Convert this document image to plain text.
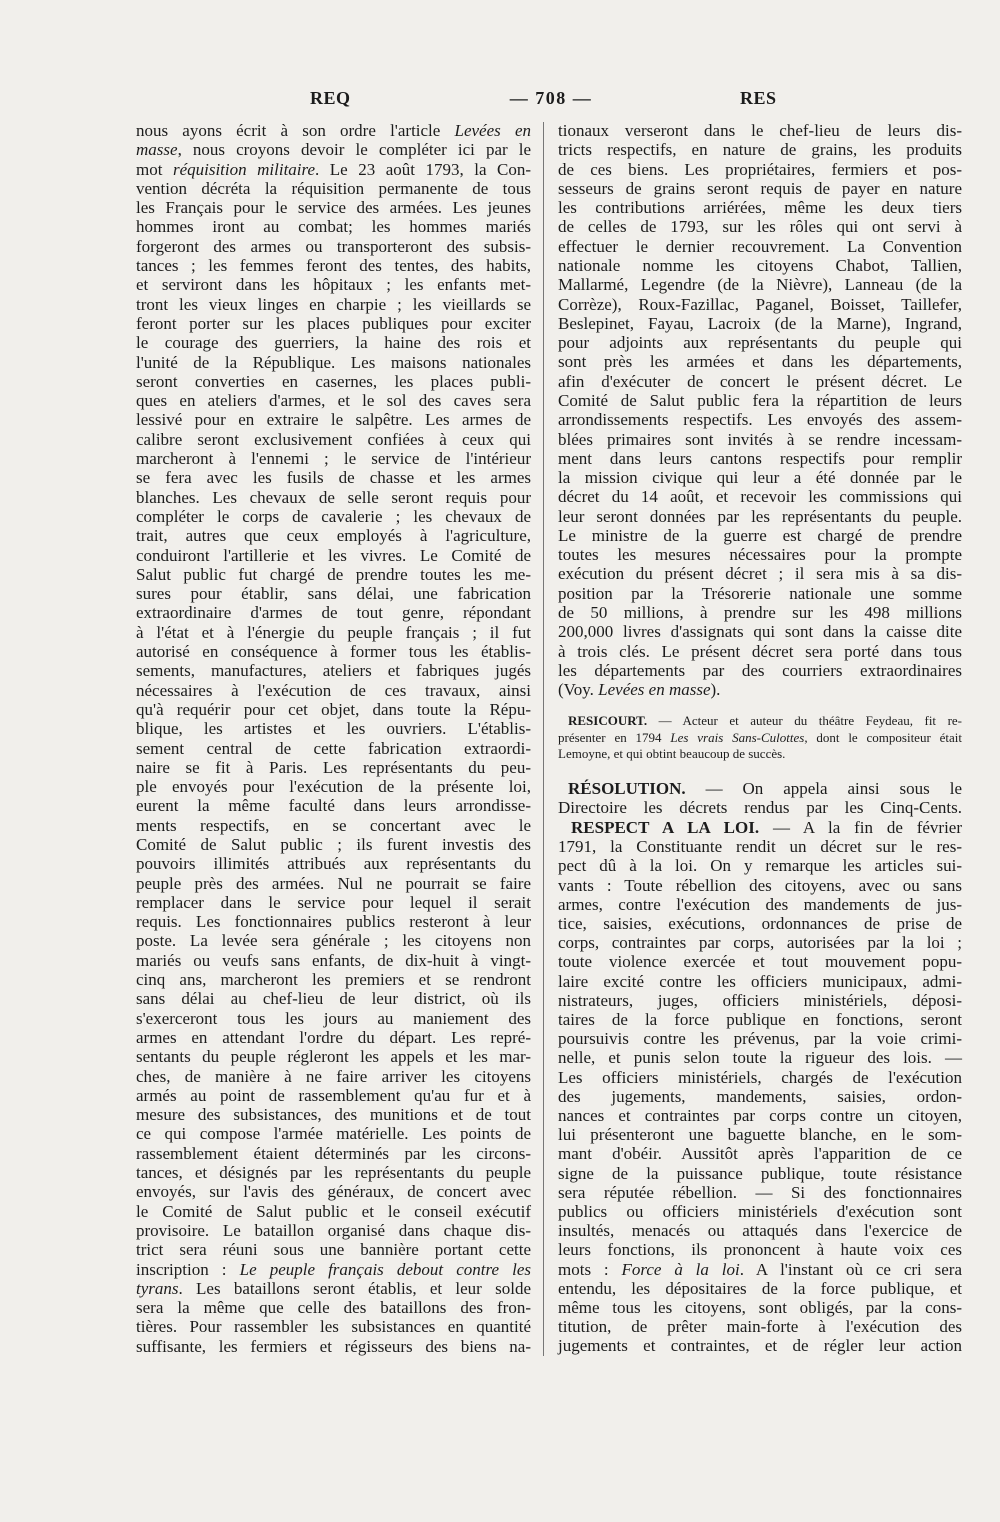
REQ	— 708 —	RES
nous ayons écrit à son ordre l'article Levées en
masse, nous croyons devoir le compléter ici par le
mot réquisition militaire. Le 23 août 1793, la Con-
vention décréta la réquisition permanente de tous
les Français pour le service des armées. Les jeunes
hommes iront au combat; les hommes mariés
forgeront des armes ou transporteront des subsis-
tances ; les femmes feront des tentes, des habits,
et serviront dans les hôpitaux ; les enfants met-
tront les vieux linges en charpie ; les vieillards se
feront porter sur les places publiques pour exciter
le courage des guerriers, la haine des rois et
l'unité de la République. Les maisons nationales
seront converties en casernes, les places publi-
ques en ateliers d'armes, et le sol des caves sera
lessivé pour en extraire le salpêtre. Les armes de
calibre seront exclusivement confiées à ceux qui
marcheront à l'ennemi ; le service de l'intérieur
se fera avec les fusils de chasse et les armes
blanches. Les chevaux de selle seront requis pour
compléter le corps de cavalerie ; les chevaux de
trait, autres que ceux employés à l'agriculture,
conduiront l'artillerie et les vivres. Le Comité de
Salut public fut chargé de prendre toutes les me-
sures pour établir, sans délai, une fabrication
extraordinaire d'armes de tout genre, répondant
à l'état et à l'énergie du peuple français ; il fut
autorisé en conséquence à former tous les établis-
sements, manufactures, ateliers et fabriques jugés
nécessaires à l'exécution de ces travaux, ainsi
qu'à requérir pour cet objet, dans toute la Répu-
blique, les artistes et les ouvriers. L'établis-
sement central de cette fabrication extraordi-
naire se fit à Paris. Les représentants du peu-
ple envoyés pour l'exécution de la présente loi,
eurent la même faculté dans leurs arrondisse-
ments respectifs, en se concertant avec le
Comité de Salut public ; ils furent investis des
pouvoirs illimités attribués aux représentants du
peuple près des armées. Nul ne pourrait se faire
remplacer dans le service pour lequel il serait
requis. Les fonctionnaires publics resteront à leur
poste. La levée sera générale ; les citoyens non
mariés ou veufs sans enfants, de dix-huit à vingt-
cinq ans, marcheront les premiers et se rendront
sans délai au chef-lieu de leur district, où ils
s'exerceront tous les jours au maniement des
armes en attendant l'ordre du départ. Les repré-
sentants du peuple régleront les appels et les mar-
ches, de manière à ne faire arriver les citoyens
armés au point de rassemblement qu'au fur et à
mesure des subsistances, des munitions et de tout
ce qui compose l'armée matérielle. Les points de
rassemblement étaient déterminés par les circons-
tances, et désignés par les représentants du peuple
envoyés, sur l'avis des généraux, de concert avec
le Comité de Salut public et le conseil exécutif
provisoire. Le bataillon organisé dans chaque dis-
trict sera réuni sous une bannière portant cette
inscription : Le peuple français debout contre les
tyrans. Les bataillons seront établis, et leur solde
sera la même que celle des bataillons des fron-
tières. Pour rassembler les subsistances en quantité
suffisante, les fermiers et régisseurs des biens na-
tionaux verseront dans le chef-lieu de leurs dis-
tricts respectifs, en nature de grains, les produits
de ces biens. Les propriétaires, fermiers et pos-
sesseurs de grains seront requis de payer en nature
les contributions arriérées, même les deux tiers
de celles de 1793, sur les rôles qui ont servi à
effectuer le dernier recouvrement. La Convention
nationale nomme les citoyens Chabot, Tallien,
Mallarmé, Legendre (de la Nièvre), Lanneau (de la
Corrèze), Roux-Fazillac, Paganel, Boisset, Taillefer,
Beslepinet, Fayau, Lacroix (de la Marne), Ingrand,
pour adjoints aux représentants du peuple qui
sont près les armées et dans les départements,
afin d'exécuter de concert le présent décret. Le
Comité de Salut public fera la répartition de leurs
arrondissements respectifs. Les envoyés des assem-
blées primaires sont invités à se rendre incessam-
ment dans leurs cantons respectifs pour remplir
la mission civique qui leur a été donnée par le
décret du 14 août, et recevoir les commissions qui
leur seront données par les représentants du peuple.
Le ministre de la guerre est chargé de prendre
toutes les mesures nécessaires pour la prompte
exécution du présent décret ; il sera mis à sa dis-
position par la Trésorerie nationale une somme
de 50 millions, à prendre sur les 498 millions
200,000 livres d'assignats qui sont dans la caisse dite
à trois clés. Le présent décret sera porté dans tous
les départements par des courriers extraordinaires
(Voy. Levées en masse).
RESICOURT. — Acteur et auteur du théâtre Feydeau, fit re-
présenter en 1794 Les vrais Sans-Culottes, dont le compositeur était
Lemoyne, et qui obtint beaucoup de succès.
RÉSOLUTION. — On appela ainsi sous le
Directoire les décrets rendus par les Cinq-Cents.
RESPECT A LA LOI. — A la fin de février
1791, la Constituante rendit un décret sur le res-
pect dû à la loi. On y remarque les articles sui-
vants : Toute rébellion des citoyens, avec ou sans
armes, contre l'exécution des mandements de jus-
tice, saisies, exécutions, ordonnances de prise de
corps, contraintes par corps, autorisées par la loi ;
toute violence exercée et tout mouvement popu-
laire excité contre les officiers municipaux, admi-
nistrateurs, juges, officiers ministériels, déposi-
taires de la force publique en fonctions, seront
poursuivis contre les prévenus, par la voie crimi-
nelle, et punis selon toute la rigueur des lois. —
Les officiers ministériels, chargés de l'exécution
des jugements, mandements, saisies, ordon-
nances et contraintes par corps contre un citoyen,
lui présenteront une baguette blanche, en le som-
mant d'obéir. Aussitôt après l'apparition de ce
signe de la puissance publique, toute résistance
sera réputée rébellion. — Si des fonctionnaires
publics ou officiers ministériels d'exécution sont
insultés, menacés ou attaqués dans l'exercice de
leurs fonctions, ils prononcent à haute voix ces
mots : Force à la loi. A l'instant où ce cri sera
entendu, les dépositaires de la force publique, et
même tous les citoyens, sont obligés, par la cons-
titution, de prêter main-forte à l'exécution des
jugements et contraintes, et de régler leur action
